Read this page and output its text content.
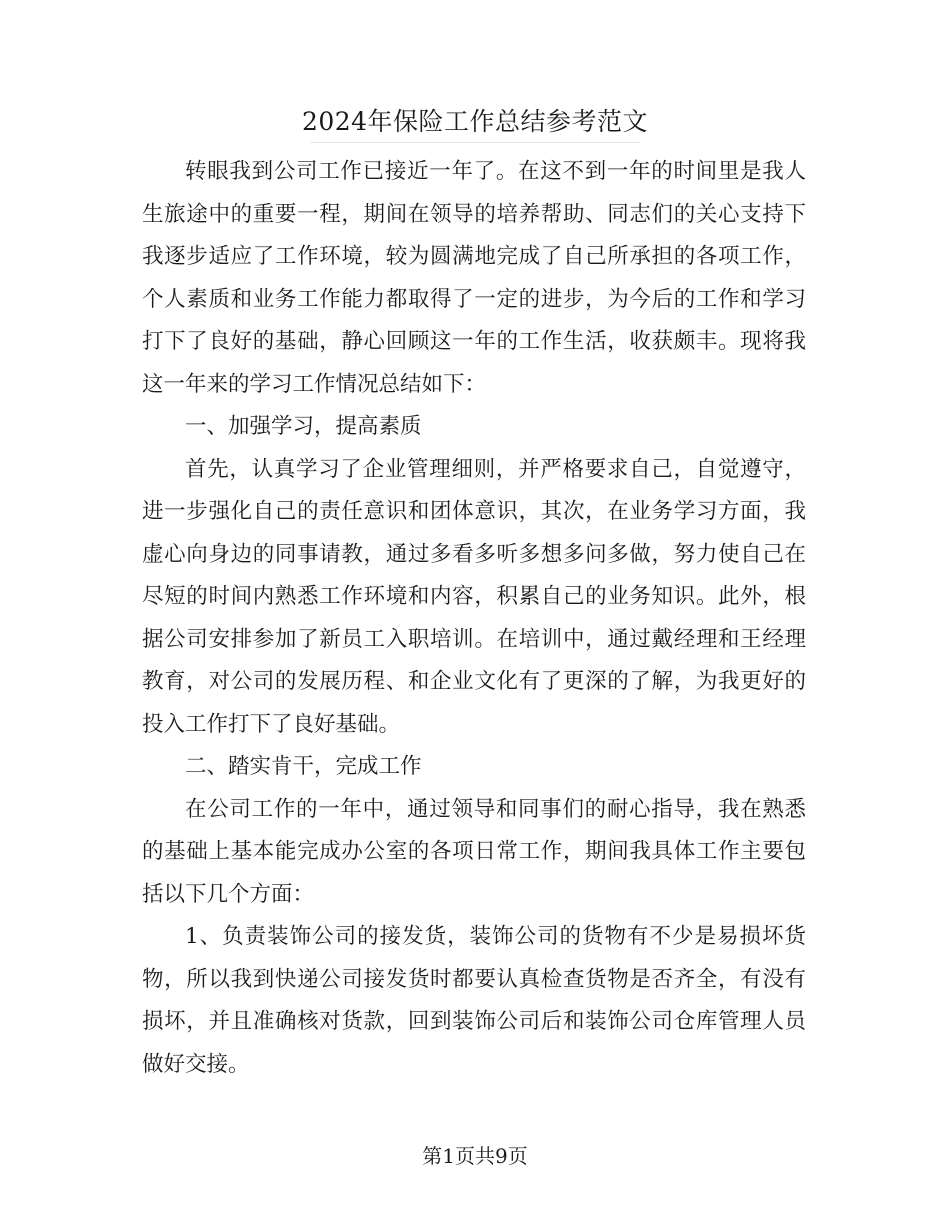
2024年保险工作总结参考范文

转眼我到公司工作已接近一年了。在这不到一年的时间里是我人生旅途中的重要一程，期间在领导的培养帮助、同志们的关心支持下我逐步适应了工作环境，较为圆满地完成了自己所承担的各项工作，个人素质和业务工作能力都取得了一定的进步，为今后的工作和学习打下了良好的基础，静心回顾这一年的工作生活，收获颇丰。现将我这一年来的学习工作情况总结如下：

一、加强学习，提高素质

首先，认真学习了企业管理细则，并严格要求自己，自觉遵守，进一步强化自己的责任意识和团体意识，其次，在业务学习方面，我虚心向身边的同事请教，通过多看多听多想多问多做，努力使自己在尽短的时间内熟悉工作环境和内容，积累自己的业务知识。此外，根据公司安排参加了新员工入职培训。在培训中，通过戴经理和王经理教育，对公司的发展历程、和企业文化有了更深的了解，为我更好的投入工作打下了良好基础。

二、踏实肯干，完成工作

在公司工作的一年中，通过领导和同事们的耐心指导，我在熟悉的基础上基本能完成办公室的各项日常工作，期间我具体工作主要包括以下几个方面：

1、负责装饰公司的接发货，装饰公司的货物有不少是易损坏货物，所以我到快递公司接发货时都要认真检查货物是否齐全，有没有损坏，并且准确核对货款，回到装饰公司后和装饰公司仓库管理人员做好交接。

第1页共9页
